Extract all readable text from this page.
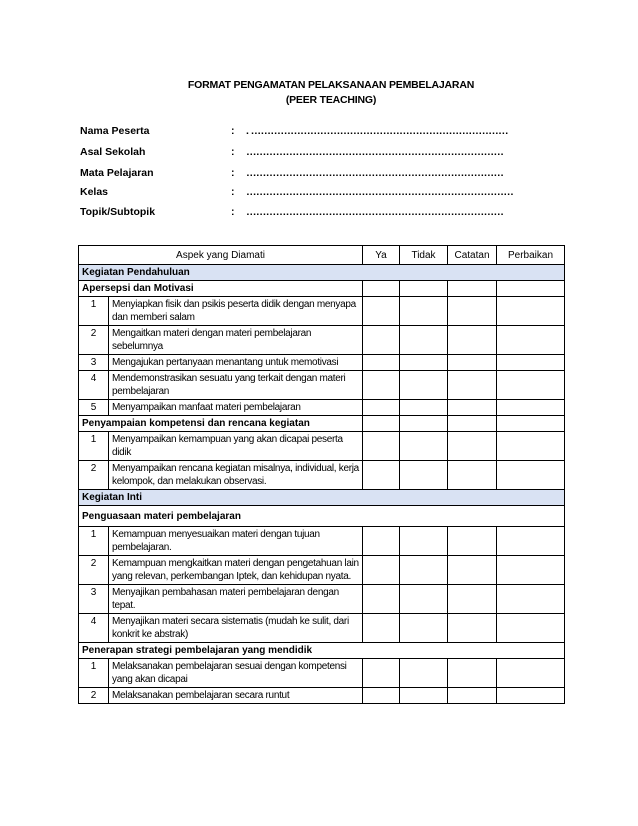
FORMAT PENGAMATAN PELAKSANAAN PEMBELAJARAN
(PEER TEACHING)
Nama Peserta	: . ……………………………………………………………………
Asal Sekolah	: ……………………………………………………………………
Mata Pelajaran	: ……………………………………………………………………
Kelas	: ………………………………………………………………………
Topik/Subtopik	: ……………………………………………………………………
Aspek yang Diamati		Ya	Tidak	Catatan	Perbaikan
Kegiatan Pendahuluan					
Apersepsi dan Motivasi					
1	Menyiapkan fisik dan psikis peserta didik dengan menyapa dan memberi salam				
2	Mengaitkan materi dengan materi pembelajaran sebelumnya				
3	Mengajukan pertanyaan menantang untuk memotivasi				
4	Mendemonstrasikan sesuatu yang terkait dengan materi pembelajaran				
5	Menyampaikan manfaat materi pembelajaran				
Penyampaian kompetensi dan rencana kegiatan					
1	Menyampaikan kemampuan yang akan dicapai peserta didik				
2	Menyampaikan rencana kegiatan misalnya, individual, kerja kelompok, dan melakukan observasi.				
Kegiatan Inti					
Penguasaan materi pembelajaran					
1	Kemampuan menyesuaikan materi dengan tujuan pembelajaran.				
2	Kemampuan mengkaitkan materi dengan pengetahuan lain yang relevan, perkembangan Iptek, dan kehidupan nyata.				
3	Menyajikan pembahasan materi pembelajaran dengan tepat.				
4	Menyajikan materi secara sistematis (mudah ke sulit, dari konkrit ke abstrak)				
Penerapan strategi pembelajaran yang mendidik					
1	Melaksanakan pembelajaran sesuai dengan kompetensi yang akan dicapai				
2	Melaksanakan pembelajaran secara runtut				
